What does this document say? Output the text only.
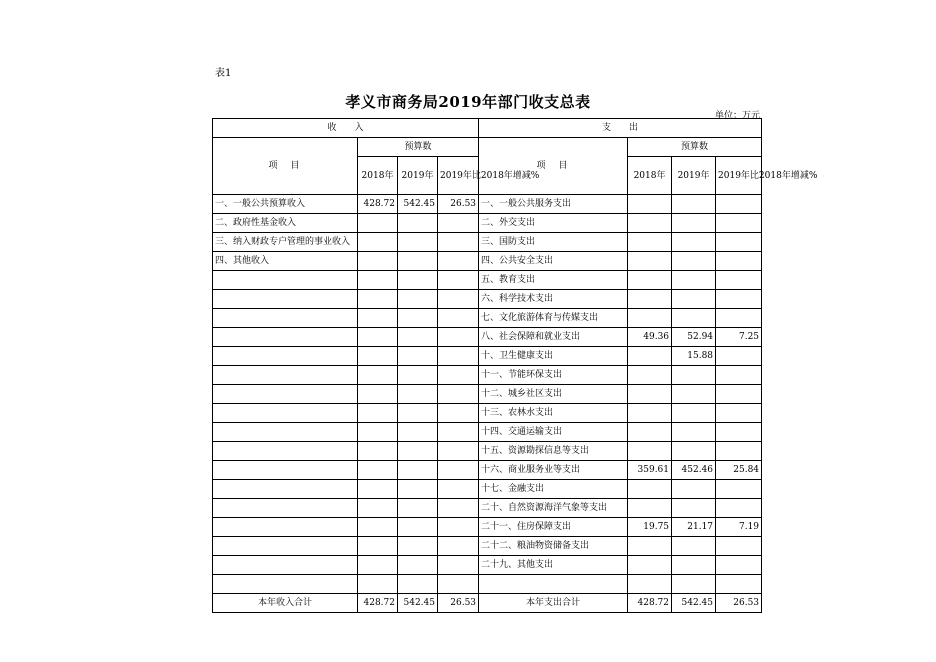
表1
孝义市商务局2019年部门收支总表
单位：万元
收　　入				支　　出			
项　目	预算数			项　目	预算数		
	2018年	2019年	2019年比2018年增减%		2018年	2019年	2019年比2018年增减%
一、一般公共预算收入	428.72	542.45	26.53	一、一般公共服务支出			
二、政府性基金收入				二、外交支出			
三、纳入财政专户管理的事业收入				三、国防支出			
四、其他收入				四、公共安全支出			
				五、教育支出			
				六、科学技术支出			
				七、文化旅游体育与传媒支出			
				八、社会保障和就业支出	49.36	52.94	7.25
				十、卫生健康支出		15.88	
				十一、节能环保支出			
				十二、城乡社区支出			
				十三、农林水支出			
				十四、交通运输支出			
				十五、资源勘探信息等支出			
				十六、商业服务业等支出	359.61	452.46	25.84
				十七、金融支出			
				二十、自然资源海洋气象等支出			
				二十一、住房保障支出	19.75	21.17	7.19
				二十二、粮油物资储备支出			
				二十九、其他支出			

本年收入合计	428.72	542.45	26.53	本年支出合计	428.72	542.45	26.53
